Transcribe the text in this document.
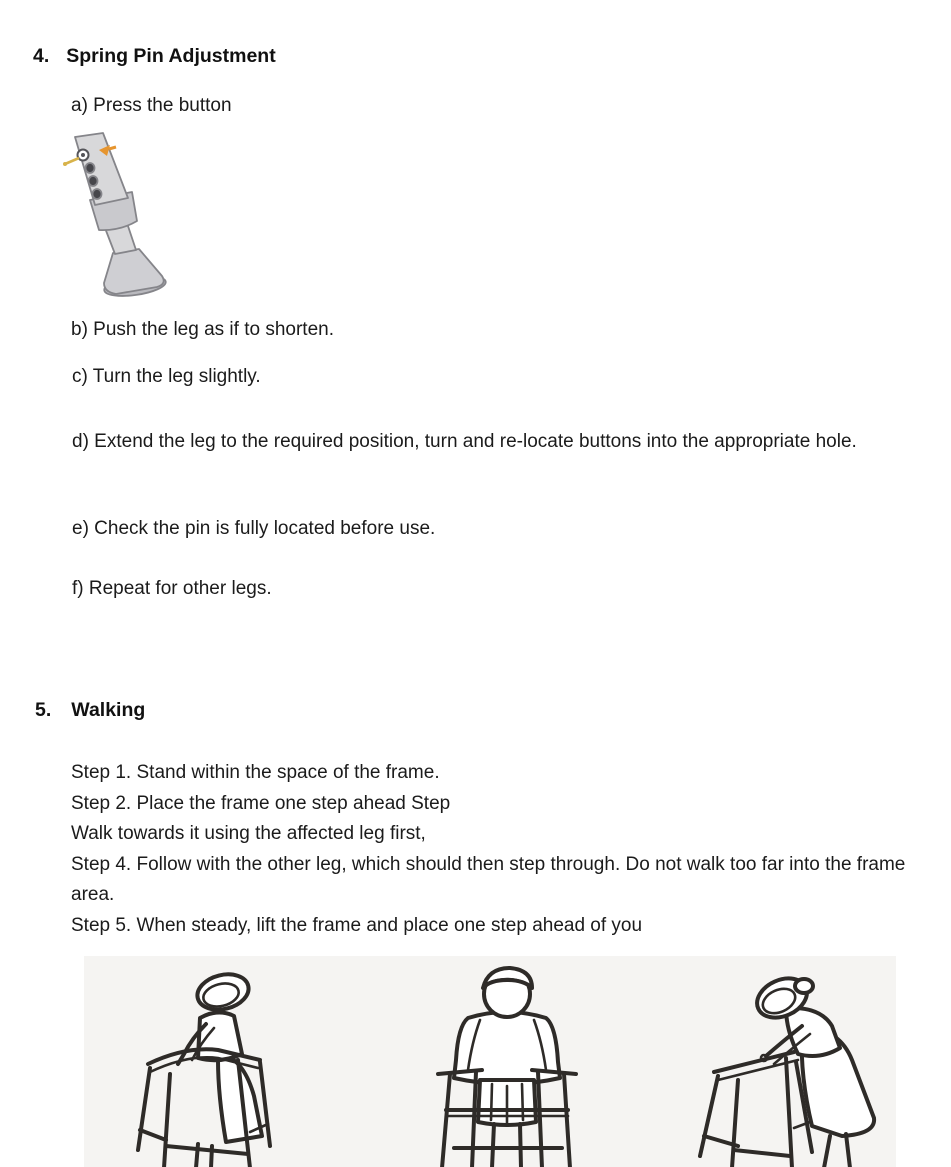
4. Spring Pin Adjustment
a) Press the button
b) Push the leg as if to shorten.
c) Turn the leg slightly.
d) Extend the leg to the required position, turn and re-locate buttons into the appropriate hole.
e) Check the pin is fully located before use.
f) Repeat for other legs.
5. Walking
Step 1. Stand within the space of the frame.
Step 2. Place the frame one step ahead Step
Walk towards it using the affected leg first,
Step 4. Follow with the other leg, which should then step through. Do not walk too far into the frame area.
Step 5. When steady, lift the frame and place one step ahead of you
